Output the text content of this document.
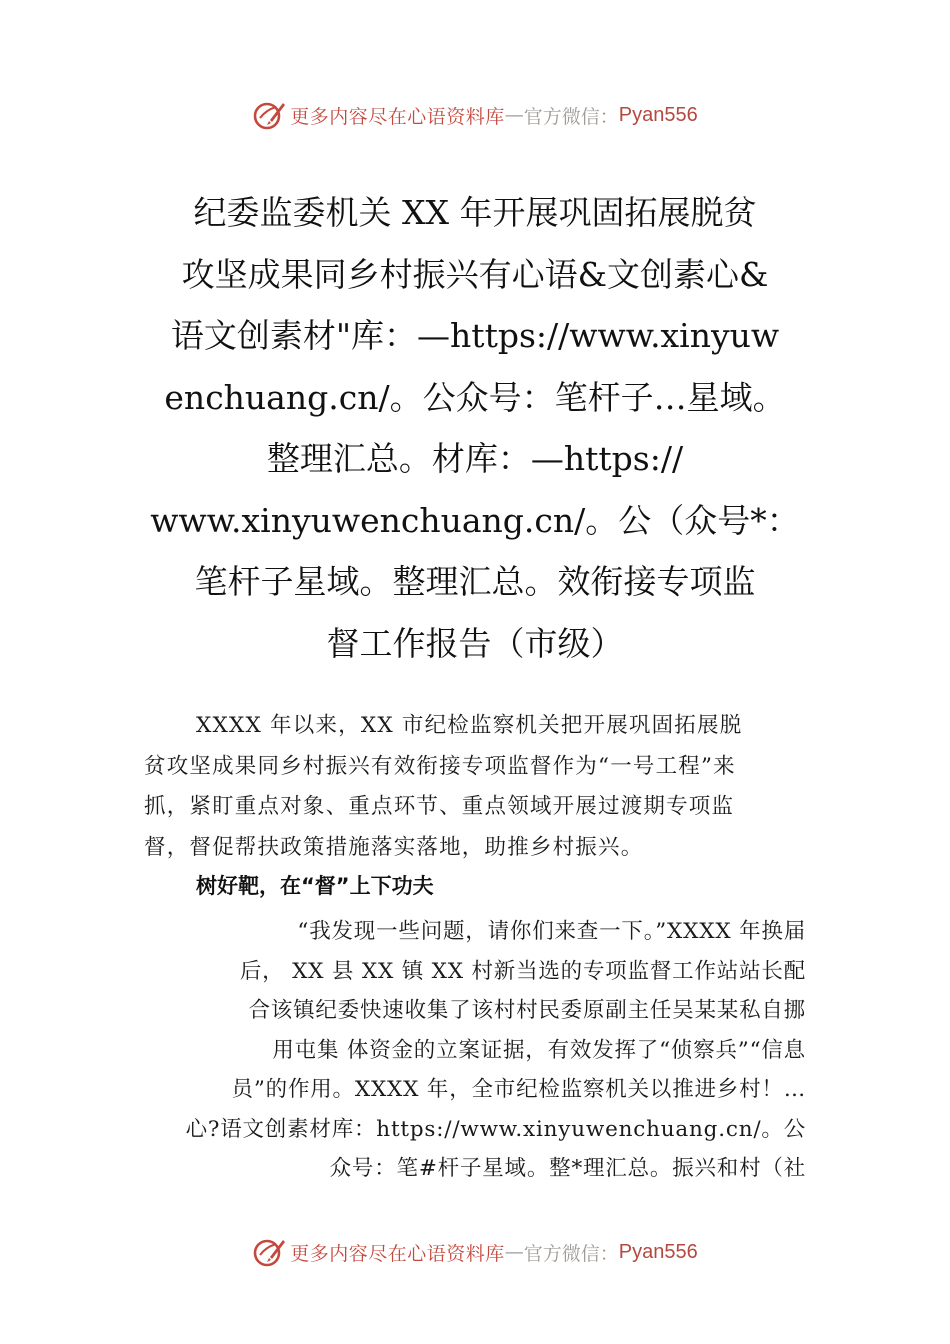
更多内容尽在心语资料库 — 官方微信： Pyan556
纪委监委机关 XX 年开展巩固拓展脱贫
攻坚成果同乡村振兴有心语&文创素心&
语文创素材"库：—https://www.xinyuw
enchuang.cn/。公众号：笔杆子…星域。
整理汇总。材库：—https://
www.xinyuwenchuang.cn/。公（众号*：
笔杆子星域。整理汇总。效衔接专项监
督工作报告（市级）
XXXX 年以来，XX 市纪检监察机关把开展巩固拓展脱
贫攻坚成果同乡村振兴有效衔接专项监督作为“一号工程”来
抓，紧盯重点对象、重点环节、重点领域开展过渡期专项监
督，督促帮扶政策措施落实落地，助推乡村振兴。
树好靶，在“督”上下功夫
“我发现一些问题，请你们来查一下。”XXXX 年换届
后， XX 县 XX 镇 XX 村新当选的专项监督工作站站长配
合该镇纪委快速收集了该村村民委原副主任吴某某私自挪
用屯集 体资金的立案证据，有效发挥了“侦察兵”“信息
员”的作用。XXXX 年，全市纪检监察机关以推进乡村！…
心?语文创素材库：https://www.xinyuwenchuang.cn/。公
众号：笔#杆子星域。整*理汇总。振兴和村（社
更多内容尽在心语资料库 — 官方微信： Pyan556
